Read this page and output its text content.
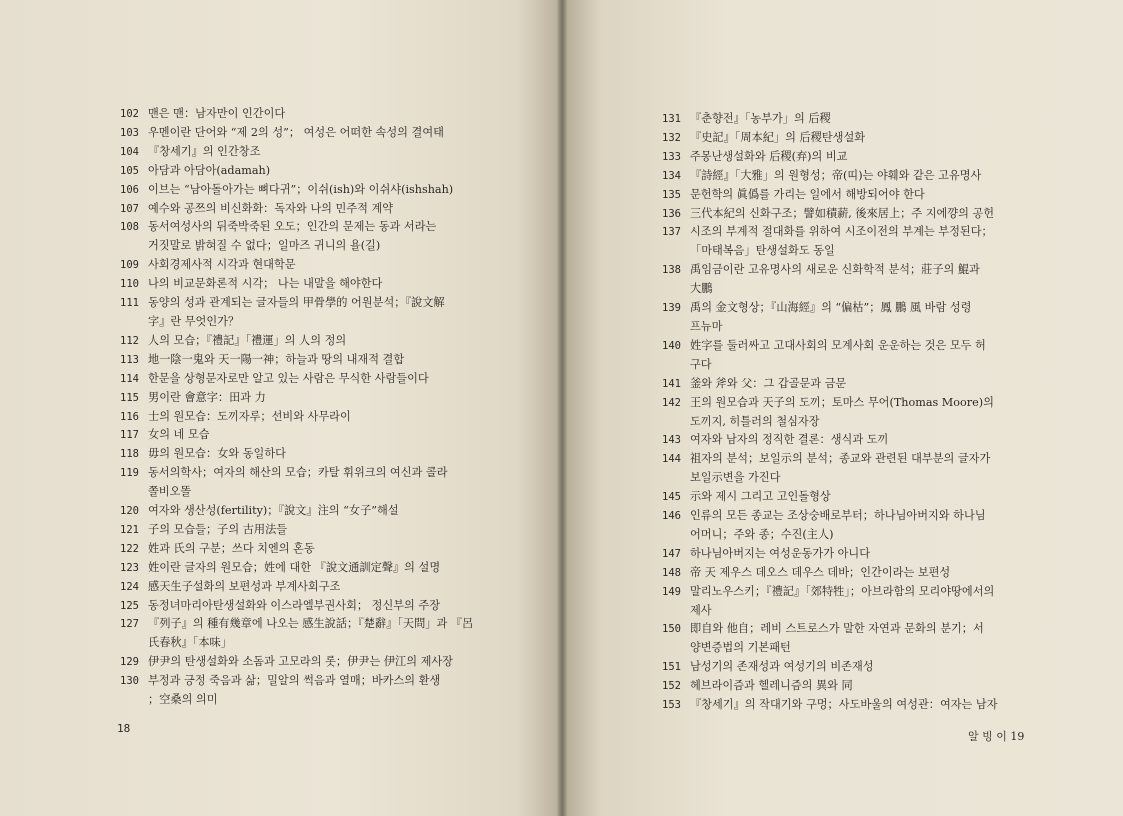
102 맨은 맨：남자만이 인간이다
103 우멘이란 단어와 “제 2의 성”； 여성은 어떠한 속성의 결여태
104 『창세기』의 인간창조
105 아담과 아담아(adamah)
106 이브는 “남아돌아가는 뼈다귀”；이쉬(ish)와 이쉬샤(ishshah)
107 예수와 공쯔의 비신화화：독자와 나의 민주적 계약
108 동서여성사의 뒤죽박죽된 오도；인간의 문제는 동과 서라는
거짓말로 밝혀질 수 없다；일마즈 귀니의 욜(길)
109 사회경제사적 시각과 현대학문
110 나의 비교문화론적 시각； 나는 내말을 해야한다
111 동양의 성과 관계되는 글자들의 甲骨學的 어원분석；『說文解
字』란 무엇인가？
112 人의 모습；『禮記』「禮運」의 人의 정의
113 地一陰一鬼와 天一陽一神；하늘과 땅의 내재적 결합
114 한문을 상형문자로만 알고 있는 사람은 무식한 사람들이다
115 男이란 會意字：田과 力
116 士의 원모습：도끼자루；선비와 사무라이
117 女의 네 모습
118 毋의 원모습：女와 동일하다
119 동서의학사；여자의 해산의 모습；카탈 휘위크의 여신과 콜라
쫄비오똘
120 여자와 생산성(fertility)；『說文』注의 “女子”해설
121 子의 모습들；子의 古用法들
122 姓과 氏의 구분；쓰다 치엔의 혼동
123 姓이란 글자의 원모습；姓에 대한 『說文通訓定聲』의 설명
124 感天生子설화의 보편성과 부계사회구조
125 동정녀마리아탄생설화와 이스라엘부권사회； 정신부의 주장
127 『列子』의 種有幾章에 나오는 感生說話；『楚辭』「天問」과 『呂
氏春秋』「本味」
129 伊尹의 탄생설화와 소돔과 고모라의 롯；伊尹는 伊江의 제사장
130 부정과 긍정 죽음과 삶；밀알의 썩음과 열매；바카스의 환생
；空桑의 의미
18
131 『춘향전』「농부가」의 后稷
132 『史記』「周本紀」의 后稷탄생설화
133 주몽난생설화와 后稷(弃)의 비교
134 『詩經』「大雅」의 원형성；帝(띠)는 야훼와 같은 고유명사
135 문헌학의 眞僞를 가리는 일에서 해방되어야 한다
136 三代本紀의 신화구조；譬如積薪, 後來居上；주 지에꺙의 공헌
137 시조의 부계적 절대화를 위하여 시조이전의 부계는 부정된다；
「마태복음」탄생설화도 동일
138 禹임금이란 고유명사의 새로운 신화학적 분석；莊子의 鯤과
大鵬
139 禹의 金文형상；『山海經』의 “偏枯”；鳳 鵬 風 바람 성령
프뉴마
140 姓字를 둘러싸고 고대사회의 모계사회 운운하는 것은 모두 허
구다
141 釜와 斧와 父：그 갑골문과 금문
142 王의 원모습과 天子의 도끼；토마스 무어(Thomas Moore)의
도끼지, 히틀러의 철심자장
143 여자와 남자의 정직한 결론：생식과 도끼
144 祖자의 분석；보일示의 분석；종교와 관련된 대부분의 글자가
보일示변을 가진다
145 示와 제시 그리고 고인돌형상
146 인류의 모든 종교는 조상숭배로부터；하나님아버지와 하나님
어머니；주와 종；수진(主人)
147 하나님아버지는 여성운동가가 아니다
148 帝 天 제우스 데오스 데우스 데바；인간이라는 보편성
149 말리노우스키；『禮記』「郊特牲」；아브라함의 모리야땅에서의
제사
150 即自와 他自；레비 스트로스가 말한 자연과 문화의 분기；서
양변증법의 기본패턴
151 남성기의 존재성과 여성기의 비존재성
152 헤브라이즘과 헬레니즘의 異와 同
153 『창세기』의 작대기와 구멍；사도바울의 여성관：여자는 남자
알 빙 이 19
